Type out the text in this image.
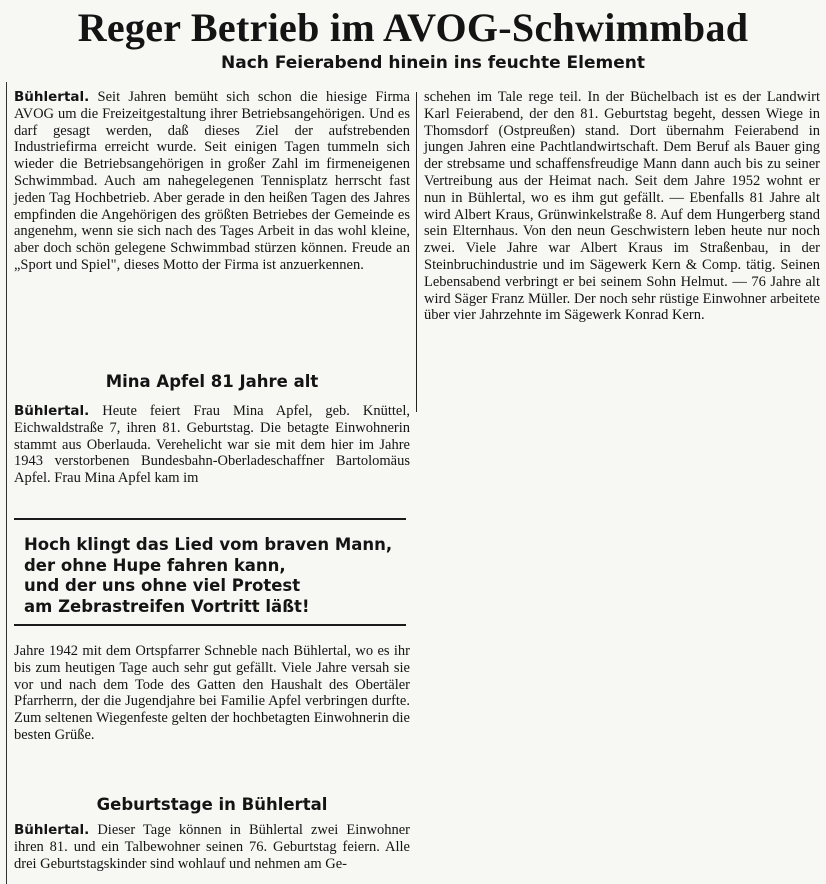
Reger Betrieb im AVOG-Schwimmbad
Nach Feierabend hinein ins feuchte Element

Bühlertal. Seit Jahren bemüht sich schon die hiesige Firma AVOG um die Freizeitgestaltung ihrer Betriebsangehörigen. Und es darf gesagt werden, daß dieses Ziel der aufstrebenden Industriefirma erreicht wurde. Seit einigen Tagen tummeln sich wieder die Betriebsangehörigen in großer Zahl im firmeneigenen Schwimmbad. Auch am nahegelegenen Tennisplatz herrscht fast jeden Tag Hochbetrieb. Aber gerade in den heißen Tagen des Jahres empfinden die Angehörigen des größten Betriebes der Gemeinde es angenehm, wenn sie sich nach des Tages Arbeit in das wohl kleine, aber doch schön gelegene Schwimmbad stürzen können. Freude an „Sport und Spiel", dieses Motto der Firma ist anzuerkennen.

Mina Apfel 81 Jahre alt

Bühlertal. Heute feiert Frau Mina Apfel, geb. Knüttel, Eichwaldstraße 7, ihren 81. Geburtstag. Die betagte Einwohnerin stammt aus Oberlauda. Verehelicht war sie mit dem hier im Jahre 1943 verstorbenen Bundesbahn-Oberladeschaffner Bartolomäus Apfel. Frau Mina Apfel kam im

Hoch klingt das Lied vom braven Mann,
der ohne Hupe fahren kann,
und der uns ohne viel Protest
am Zebrastreifen Vortritt läßt!

Jahre 1942 mit dem Ortspfarrer Schneble nach Bühlertal, wo es ihr bis zum heutigen Tage auch sehr gut gefällt. Viele Jahre versah sie vor und nach dem Tode des Gatten den Haushalt des Obertäler Pfarrherrn, der die Jugendjahre bei Familie Apfel verbringen durfte. Zum seltenen Wiegenfeste gelten der hochbetagten Einwohnerin die besten Grüße.

Geburtstage in Bühlertal

Bühlertal. Dieser Tage können in Bühlertal zwei Einwohner ihren 81. und ein Talbewohner seinen 76. Geburtstag feiern. Alle drei Geburtstagskinder sind wohlauf und nehmen am Ge-

schehen im Tale rege teil. In der Büchelbach ist es der Landwirt Karl Feierabend, der den 81. Geburtstag begeht, dessen Wiege in Thomsdorf (Ostpreußen) stand. Dort übernahm Feierabend in jungen Jahren eine Pachtlandwirtschaft. Dem Beruf als Bauer ging der strebsame und schaffensfreudige Mann dann auch bis zu seiner Vertreibung aus der Heimat nach. Seit dem Jahre 1952 wohnt er nun in Bühlertal, wo es ihm gut gefällt. — Ebenfalls 81 Jahre alt wird Albert Kraus, Grünwinkelstraße 8. Auf dem Hungerberg stand sein Elternhaus. Von den neun Geschwistern leben heute nur noch zwei. Viele Jahre war Albert Kraus im Straßenbau, in der Steinbruchindustrie und im Sägewerk Kern & Comp. tätig. Seinen Lebensabend verbringt er bei seinem Sohn Helmut. — 76 Jahre alt wird Säger Franz Müller. Der noch sehr rüstige Einwohner arbeitete über vier Jahrzehnte im Sägewerk Konrad Kern.
